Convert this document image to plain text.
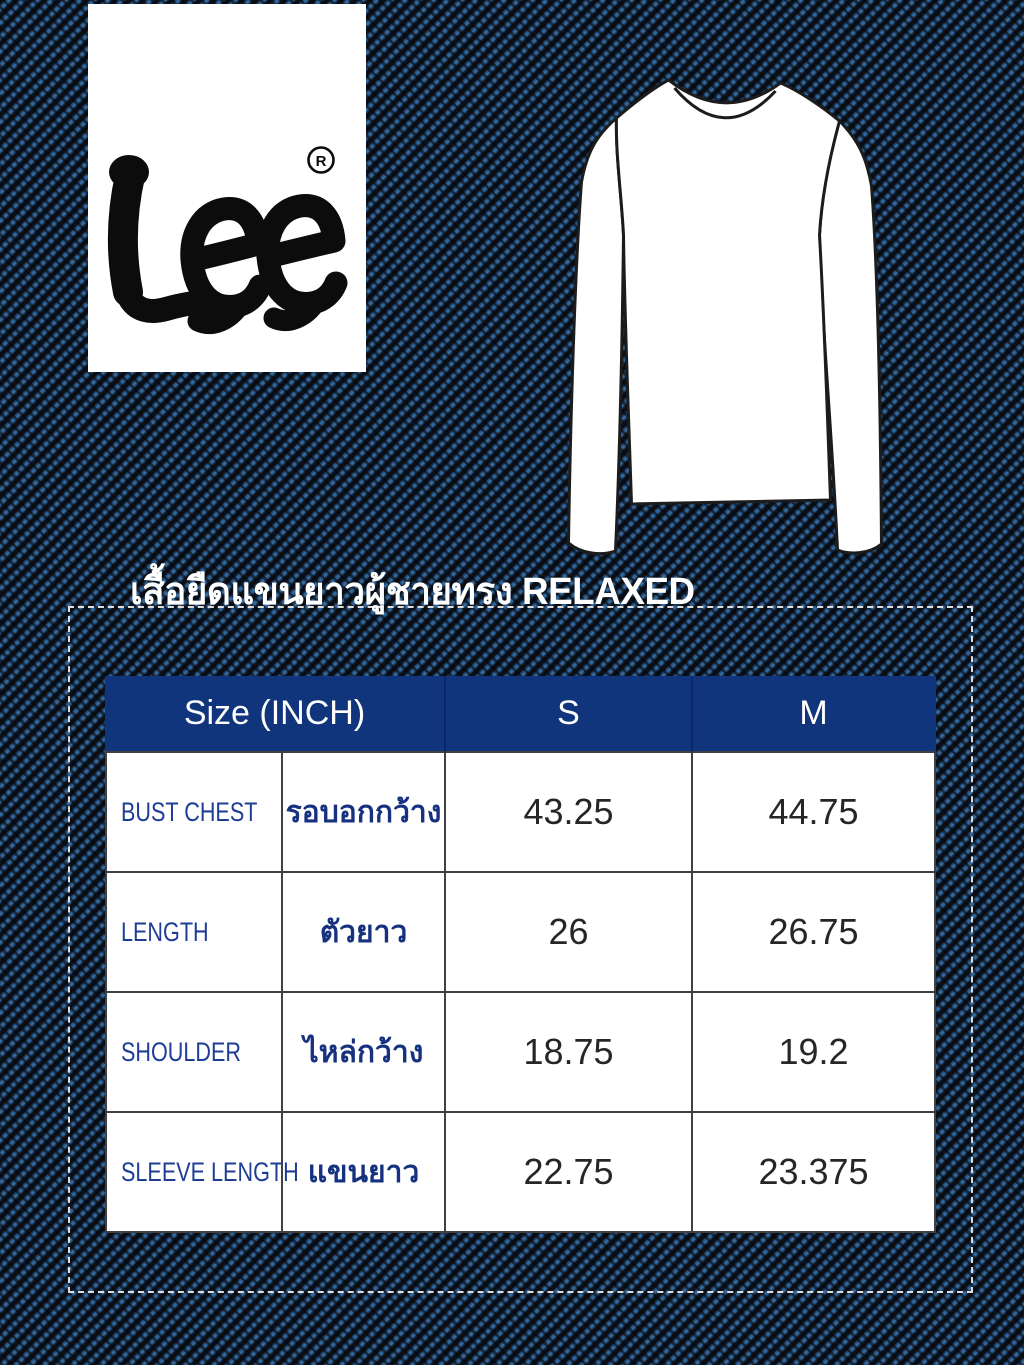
R
เสื้อยืดแขนยาวผู้ชายทรง RELAXED
Size (INCH)	S	M
BUST CHEST รอบอกกว้าง	43.25	44.75
LENGTH	ตัวยาว	26	26.75
SHOULDER	ไหล่กว้าง	18.75	19.2
SLEEVE LENGTH แขนยาว	22.75	23.375
